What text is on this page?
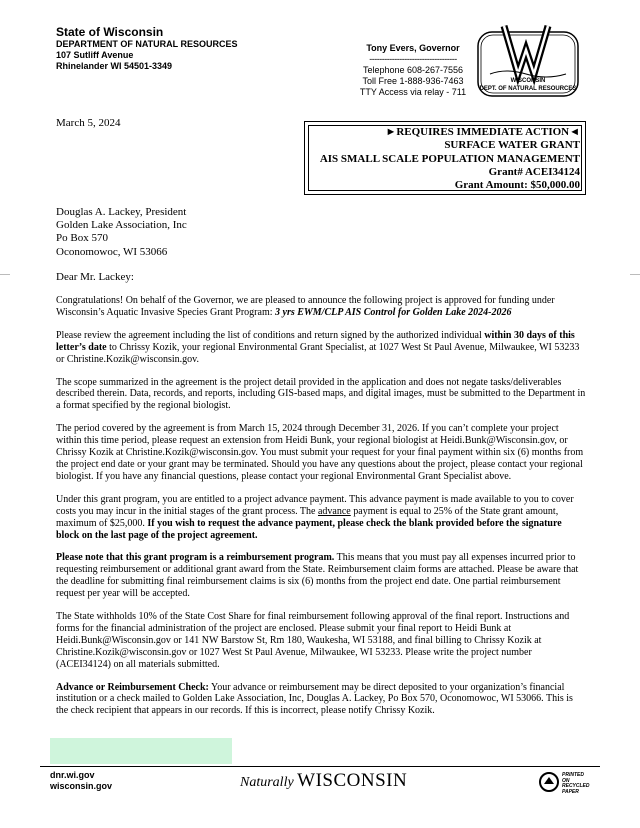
State of Wisconsin
DEPARTMENT OF NATURAL RESOURCES
107 Sutliff Avenue
Rhinelander WI 54501-3349
Tony Evers, Governor
-----------------------------------
Telephone 608-267-7556
Toll Free 1-888-936-7463
TTY Access via relay - 711
WISCONSIN
DEPT. OF NATURAL RESOURCES
March 5, 2024
►REQUIRES IMMEDIATE ACTION◄
SURFACE WATER GRANT
AIS SMALL SCALE POPULATION MANAGEMENT
Grant# ACEI34124
Grant Amount: $50,000.00
Douglas A. Lackey, President
Golden Lake Association, Inc
Po Box 570
Oconomowoc, WI 53066
Dear Mr. Lackey:

Congratulations! On behalf of the Governor, we are pleased to announce the following project is approved for funding under Wisconsin’s Aquatic Invasive Species Grant Program: 3 yrs EWM/CLP AIS Control for Golden Lake 2024-2026

Please review the agreement including the list of conditions and return signed by the authorized individual within 30 days of this letter’s date to Chrissy Kozik, your regional Environmental Grant Specialist, at 1027 West St Paul Avenue, Milwaukee, WI 53233 or Christine.Kozik@wisconsin.gov.

The scope summarized in the agreement is the project detail provided in the application and does not negate tasks/deliverables described therein. Data, records, and reports, including GIS-based maps, and digital images, must be submitted to the Department in a format specified by the regional biologist.

The period covered by the agreement is from March 15, 2024 through December 31, 2026. If you can’t complete your project within this time period, please request an extension from Heidi Bunk, your regional biologist at Heidi.Bunk@Wisconsin.gov, or Chrissy Kozik at Christine.Kozik@wisconsin.gov. You must submit your request for your final payment within six (6) months from the project end date or your grant may be terminated. Should you have any questions about the project, please contact your regional biologist. If you have any financial questions, please contact your regional Environmental Grant Specialist above.

Under this grant program, you are entitled to a project advance payment. This advance payment is made available to you to cover costs you may incur in the initial stages of the grant process. The advance payment is equal to 25% of the State grant amount, maximum of $25,000. If you wish to request the advance payment, please check the blank provided before the signature block on the last page of the project agreement.

Please note that this grant program is a reimbursement program. This means that you must pay all expenses incurred prior to requesting reimbursement or additional grant award from the State. Reimbursement claim forms are attached. Please be aware that the deadline for submitting final reimbursement claims is six (6) months from the project end date. One partial reimbursement request per year will be accepted.

The State withholds 10% of the State Cost Share for final reimbursement following approval of the final report. Instructions and forms for the financial administration of the project are enclosed. Please submit your final report to Heidi Bunk at Heidi.Bunk@Wisconsin.gov or 141 NW Barstow St, Rm 180, Waukesha, WI 53188, and final billing to Chrissy Kozik at Christine.Kozik@wisconsin.gov or 1027 West St Paul Avenue, Milwaukee, WI 53233. Please write the project number (ACEI34124) on all materials submitted.

Advance or Reimbursement Check: Your advance or reimbursement may be direct deposited to your organization’s financial institution or a check mailed to Golden Lake Association, Inc, Douglas A. Lackey, Po Box 570, Oconomowoc, WI 53066. This is the check recipient that appears in our records. If this is incorrect, please notify Chrissy Kozik.

dnr.wi.gov
wisconsin.gov	Naturally WISCONSIN	PRINTED
ON RECYCLED
PAPER
